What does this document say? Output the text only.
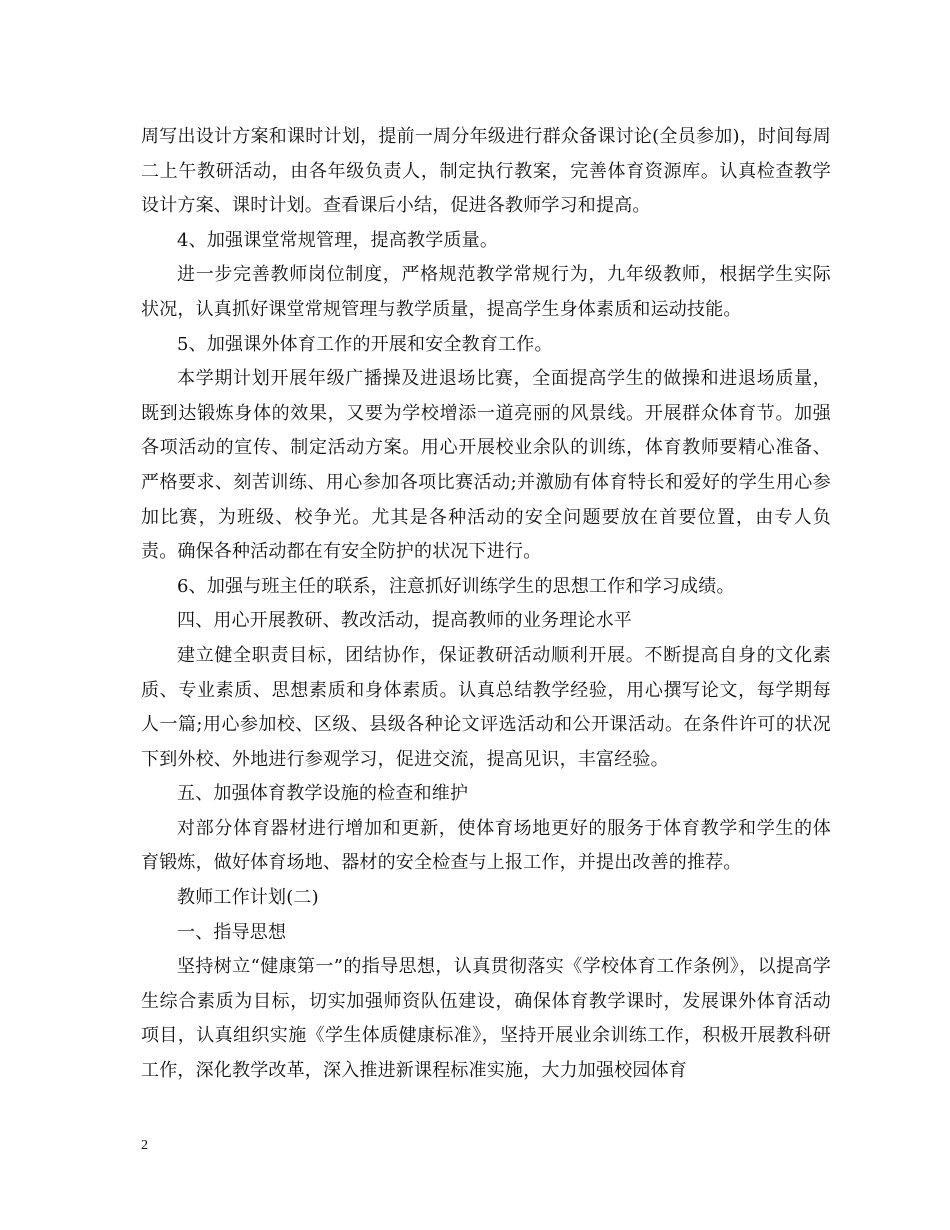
周写出设计方案和课时计划，提前一周分年级进行群众备课讨论(全员参加)，时间每周二上午教研活动，由各年级负责人，制定执行教案，完善体育资源库。认真检查教学设计方案、课时计划。查看课后小结，促进各教师学习和提高。

4、加强课堂常规管理，提高教学质量。

进一步完善教师岗位制度，严格规范教学常规行为，九年级教师，根据学生实际状况，认真抓好课堂常规管理与教学质量，提高学生身体素质和运动技能。

5、加强课外体育工作的开展和安全教育工作。

本学期计划开展年级广播操及进退场比赛，全面提高学生的做操和进退场质量，既到达锻炼身体的效果，又要为学校增添一道亮丽的风景线。开展群众体育节。加强各项活动的宣传、制定活动方案。用心开展校业余队的训练，体育教师要精心准备、严格要求、刻苦训练、用心参加各项比赛活动;并激励有体育特长和爱好的学生用心参加比赛，为班级、校争光。尤其是各种活动的安全问题要放在首要位置，由专人负责。确保各种活动都在有安全防护的状况下进行。

6、加强与班主任的联系，注意抓好训练学生的思想工作和学习成绩。

四、用心开展教研、教改活动，提高教师的业务理论水平

建立健全职责目标，团结协作，保证教研活动顺利开展。不断提高自身的文化素质、专业素质、思想素质和身体素质。认真总结教学经验，用心撰写论文，每学期每人一篇;用心参加校、区级、县级各种论文评选活动和公开课活动。在条件许可的状况下到外校、外地进行参观学习，促进交流，提高见识，丰富经验。

五、加强体育教学设施的检查和维护

对部分体育器材进行增加和更新，使体育场地更好的服务于体育教学和学生的体育锻炼，做好体育场地、器材的安全检查与上报工作，并提出改善的推荐。

教师工作计划(二)

一、指导思想

坚持树立“健康第一”的指导思想，认真贯彻落实《学校体育工作条例》，以提高学生综合素质为目标，切实加强师资队伍建设，确保体育教学课时，发展课外体育活动项目，认真组织实施《学生体质健康标准》，坚持开展业余训练工作，积极开展教科研工作，深化教学改革，深入推进新课程标准实施，大力加强校园体育

2
